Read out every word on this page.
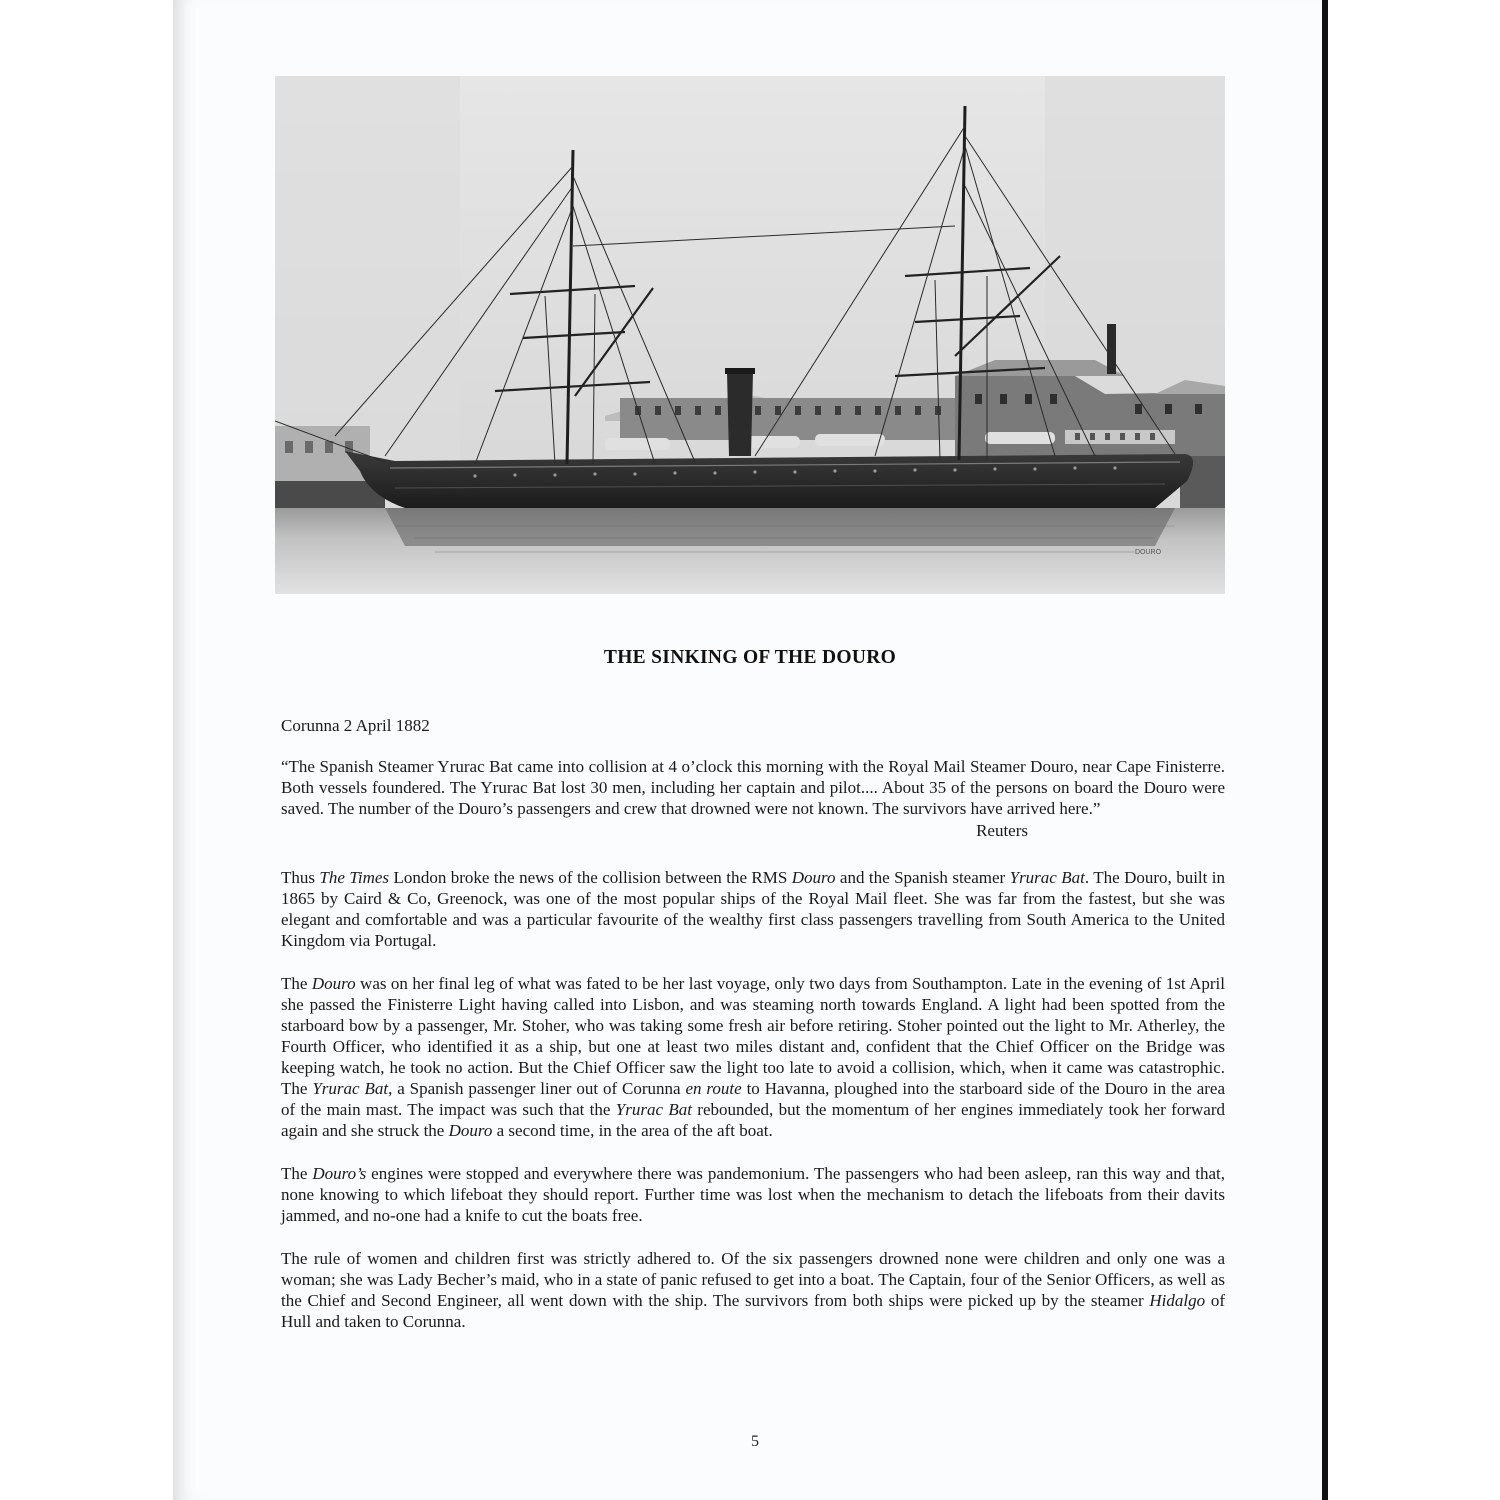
DOURO
THE SINKING OF THE DOURO

Corunna 2 April 1882

“The Spanish Steamer Yrurac Bat came into collision at 4 o’clock this morning with the Royal Mail Steamer Douro, near Cape Finisterre. Both vessels foundered. The Yrurac Bat lost 30 men, including her captain and pilot.... About 35 of the persons on board the Douro were saved. The number of the Douro’s passengers and crew that drowned were not known. The survivors have arrived here.”

Reuters

Thus The Times London broke the news of the collision between the RMS Douro and the Spanish steamer Yrurac Bat. The Douro, built in 1865 by Caird & Co, Greenock, was one of the most popular ships of the Royal Mail fleet. She was far from the fastest, but she was elegant and comfortable and was a particular favourite of the wealthy first class passengers travelling from South America to the United Kingdom via Portugal.

The Douro was on her final leg of what was fated to be her last voyage, only two days from Southampton. Late in the evening of 1st April she passed the Finisterre Light having called into Lisbon, and was steaming north towards England. A light had been spotted from the starboard bow by a passenger, Mr. Stoher, who was taking some fresh air before retiring. Stoher pointed out the light to Mr. Atherley, the Fourth Officer, who identified it as a ship, but one at least two miles distant and, confident that the Chief Officer on the Bridge was keeping watch, he took no action. But the Chief Officer saw the light too late to avoid a collision, which, when it came was catastrophic. The Yrurac Bat, a Spanish passenger liner out of Corunna en route to Havanna, ploughed into the starboard side of the Douro in the area of the main mast. The impact was such that the Yrurac Bat rebounded, but the momentum of her engines immediately took her forward again and she struck the Douro a second time, in the area of the aft boat.

The Douro’s engines were stopped and everywhere there was pandemonium. The passengers who had been asleep, ran this way and that, none knowing to which lifeboat they should report. Further time was lost when the mechanism to detach the lifeboats from their davits jammed, and no-one had a knife to cut the boats free.

The rule of women and children first was strictly adhered to. Of the six passengers drowned none were children and only one was a woman; she was Lady Becher’s maid, who in a state of panic refused to get into a boat. The Captain, four of the Senior Officers, as well as the Chief and Second Engineer, all went down with the ship. The survivors from both ships were picked up by the steamer Hidalgo of Hull and taken to Corunna.

5
